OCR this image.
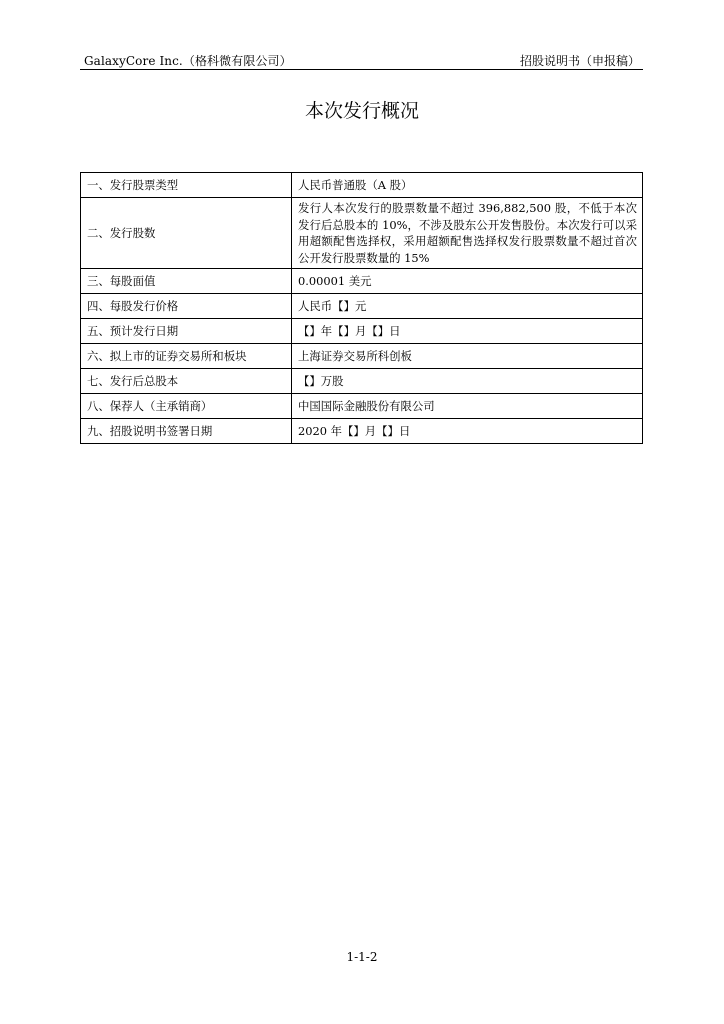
GalaxyCore Inc.（格科微有限公司）	招股说明书（申报稿）
本次发行概况
一、发行股票类型	人民币普通股（A 股）
二、发行股数	发行人本次发行的股票数量不超过 396,882,500 股，不低于本次发行后总股本的 10%，不涉及股东公开发售股份。本次发行可以采用超额配售选择权，采用超额配售选择权发行股票数量不超过首次公开发行股票数量的 15%
三、每股面值	0.00001 美元
四、每股发行价格	人民币【】元
五、预计发行日期	【】年【】月【】日
六、拟上市的证券交易所和板块	上海证券交易所科创板
七、发行后总股本	【】万股
八、保荐人（主承销商）	中国国际金融股份有限公司
九、招股说明书签署日期	2020 年【】月【】日
1-1-2
